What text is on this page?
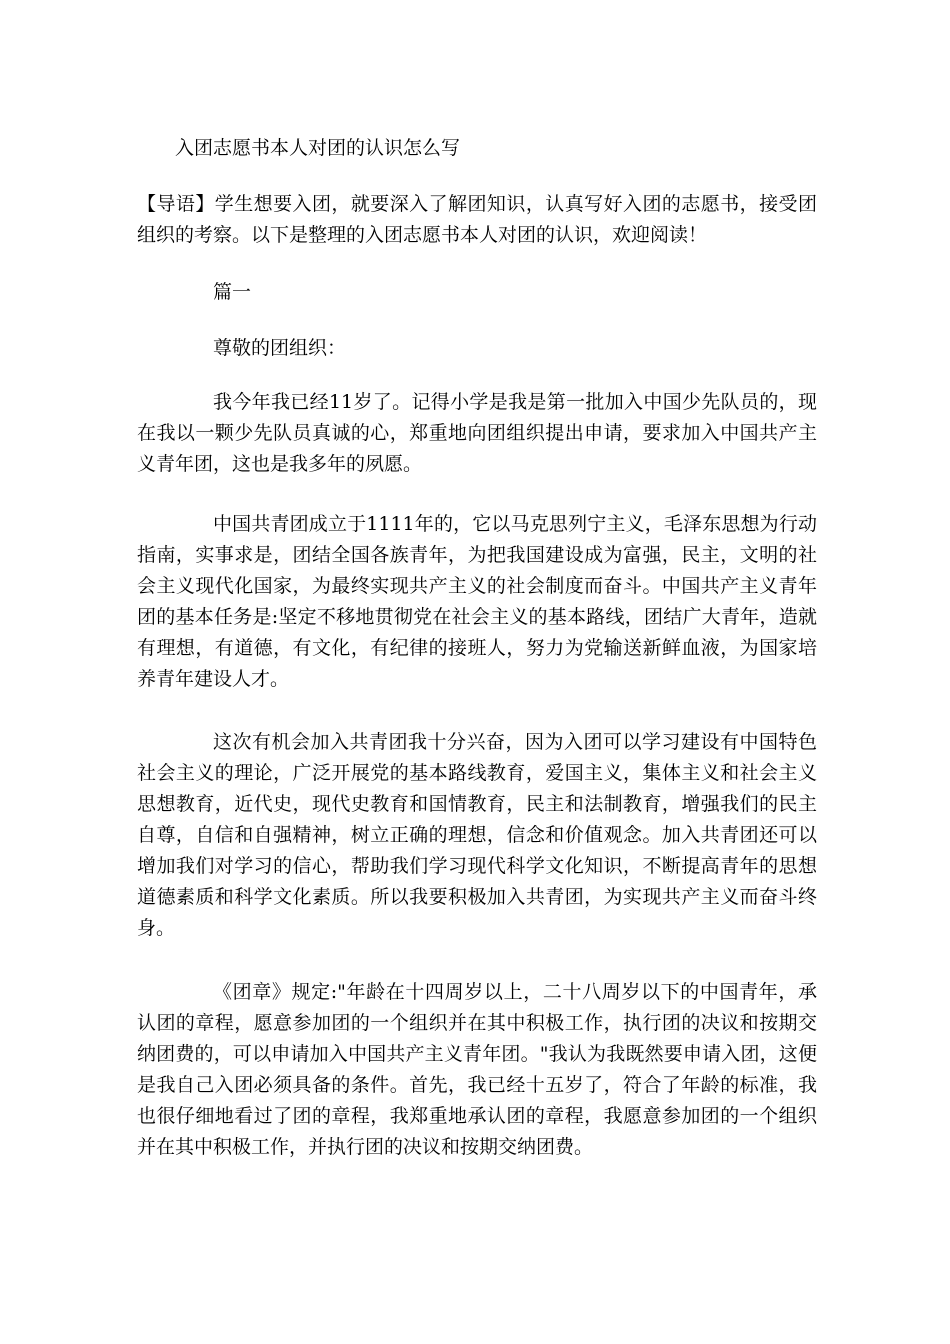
入团志愿书本人对团的认识怎么写
【导语】学生想要入团，就要深入了解团知识，认真写好入团的志愿书，接受团组织的考察。以下是整理的入团志愿书本人对团的认识，欢迎阅读！

篇一

尊敬的团组织：

我今年我已经11岁了。记得小学是我是第一批加入中国少先队员的，现在我以一颗少先队员真诚的心，郑重地向团组织提出申请，要求加入中国共产主义青年团，这也是我多年的夙愿。

中国共青团成立于1111年的，它以马克思列宁主义，毛泽东思想为行动指南，实事求是，团结全国各族青年，为把我国建设成为富强，民主，文明的社会主义现代化国家，为最终实现共产主义的社会制度而奋斗。中国共产主义青年团的基本任务是:坚定不移地贯彻党在社会主义的基本路线，团结广大青年，造就有理想，有道德，有文化，有纪律的接班人，努力为党输送新鲜血液，为国家培养青年建设人才。

这次有机会加入共青团我十分兴奋，因为入团可以学习建设有中国特色社会主义的理论，广泛开展党的基本路线教育，爱国主义，集体主义和社会主义思想教育，近代史，现代史教育和国情教育，民主和法制教育，增强我们的民主自尊，自信和自强精神，树立正确的理想，信念和价值观念。加入共青团还可以增加我们对学习的信心，帮助我们学习现代科学文化知识，不断提高青年的思想道德素质和科学文化素质。所以我要积极加入共青团，为实现共产主义而奋斗终身。

《团章》规定:"年龄在十四周岁以上，二十八周岁以下的中国青年，承认团的章程，愿意参加团的一个组织并在其中积极工作，执行团的决议和按期交纳团费的，可以申请加入中国共产主义青年团。"我认为我既然要申请入团，这便是我自己入团必须具备的条件。首先，我已经十五岁了，符合了年龄的标准，我也很仔细地看过了团的章程，我郑重地承认团的章程，我愿意参加团的一个组织并在其中积极工作，并执行团的决议和按期交纳团费。
